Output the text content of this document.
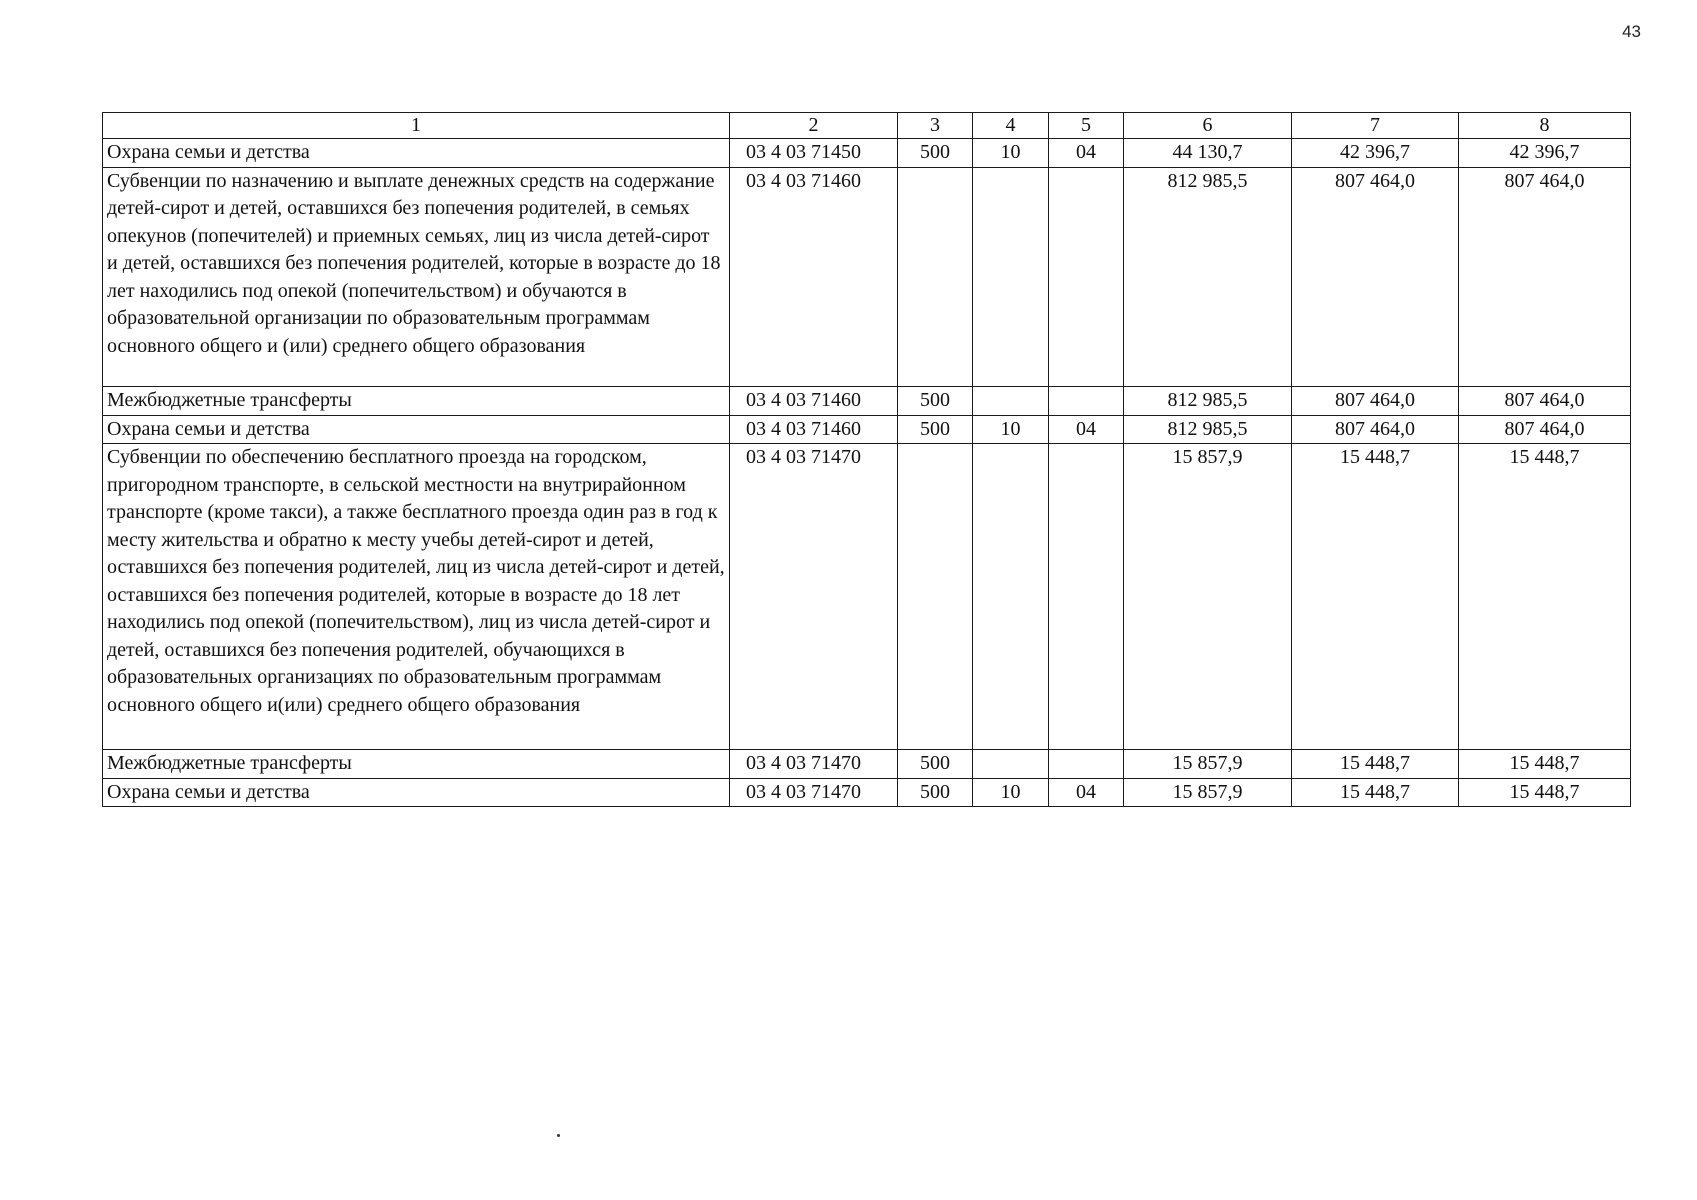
43
1	2	3	4	5	6	7	8
Охрана семьи и детства	03 4 03 71450	500	10	04	44 130,7	42 396,7	42 396,7
Субвенции по назначению и выплате денежных средств на содержание детей-сирот и детей, оставшихся без попечения родителей, в семьях опекунов (попечителей) и приемных семьях, лиц из числа детей-сирот и детей, оставшихся без попечения родителей, которые в возрасте до 18 лет находились под опекой (попечительством) и обучаются в образовательной организации по образовательным программам основного общего и (или) среднего общего образования	03 4 03 71460				812 985,5	807 464,0	807 464,0
Межбюджетные трансферты	03 4 03 71460	500			812 985,5	807 464,0	807 464,0
Охрана семьи и детства	03 4 03 71460	500	10	04	812 985,5	807 464,0	807 464,0
Субвенции по обеспечению бесплатного проезда на городском, пригородном транспорте, в сельской местности на внутрирайонном транспорте (кроме такси), а также бесплатного проезда один раз в год к месту жительства и обратно к месту учебы детей-сирот и детей, оставшихся без попечения родителей, лиц из числа детей-сирот и детей, оставшихся без попечения родителей, которые в возрасте до 18 лет находились под опекой (попечительством), лиц из числа детей-сирот и детей, оставшихся без попечения родителей, обучающихся в образовательных организациях по образовательным программам основного общего и(или) среднего общего образования	03 4 03 71470				15 857,9	15 448,7	15 448,7
Межбюджетные трансферты	03 4 03 71470	500			15 857,9	15 448,7	15 448,7
Охрана семьи и детства	03 4 03 71470	500	10	04	15 857,9	15 448,7	15 448,7
